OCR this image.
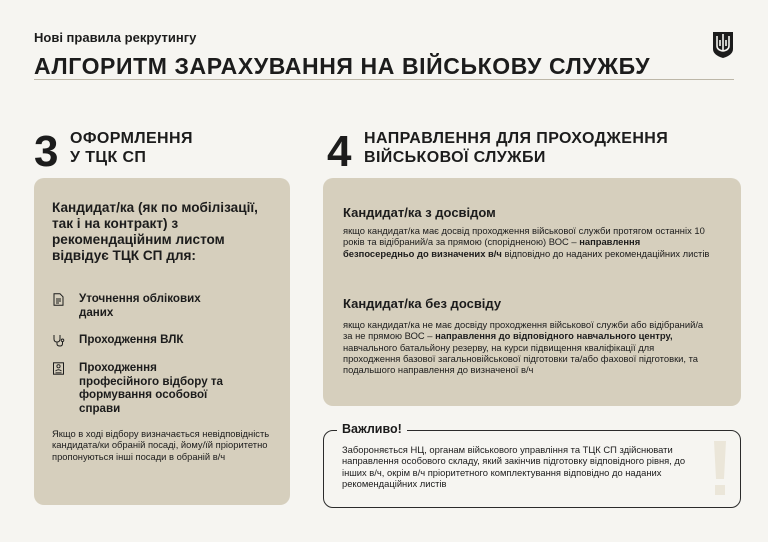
Нові правила рекрутингу
АЛГОРИТМ ЗАРАХУВАННЯ НА ВІЙСЬКОВУ СЛУЖБУ
3 ОФОРМЛЕННЯ
У ТЦК СП
Кандидат/ка (як по мобілізації, так і на контракт) з рекомендаційним листом відвідує ТЦК СП для:
Уточнення облікових даних
Проходження ВЛК
Проходження професійного відбору та формування особової справи
Якщо в ході відбору визначається невідповідність кандидата/ки обраній посаді, йому/їй пріоритетно пропонуються інші посади в обраній в/ч
4 НАПРАВЛЕННЯ ДЛЯ ПРОХОДЖЕННЯ
ВІЙСЬКОВОЇ СЛУЖБИ
Кандидат/ка з досвідом
якщо кандидат/ка має досвід проходження військової служби протягом останніх 10 років та відібраний/а за прямою (спорідненою) ВОС – направлення безпосередньо до визначених в/ч відповідно до наданих рекомендаційних листів
Кандидат/ка без досвіду
якщо кандидат/ка не має досвіду проходження військової служби або відібраний/а за не прямою ВОС – направлення до відповідного навчального центру, навчального батальйону резерву, на курси підвищення кваліфікації для проходження базової загальновійськової підготовки та/або фахової підготовки, та подальшого направлення до визначеної в/ч
Важливо!
Забороняється НЦ, органам військового управління та ТЦК СП здійснювати направлення особового складу, який закінчив підготовку відповідного рівня, до інших в/ч, окрім в/ч пріоритетного комплектування відповідно до наданих рекомендаційних листів
